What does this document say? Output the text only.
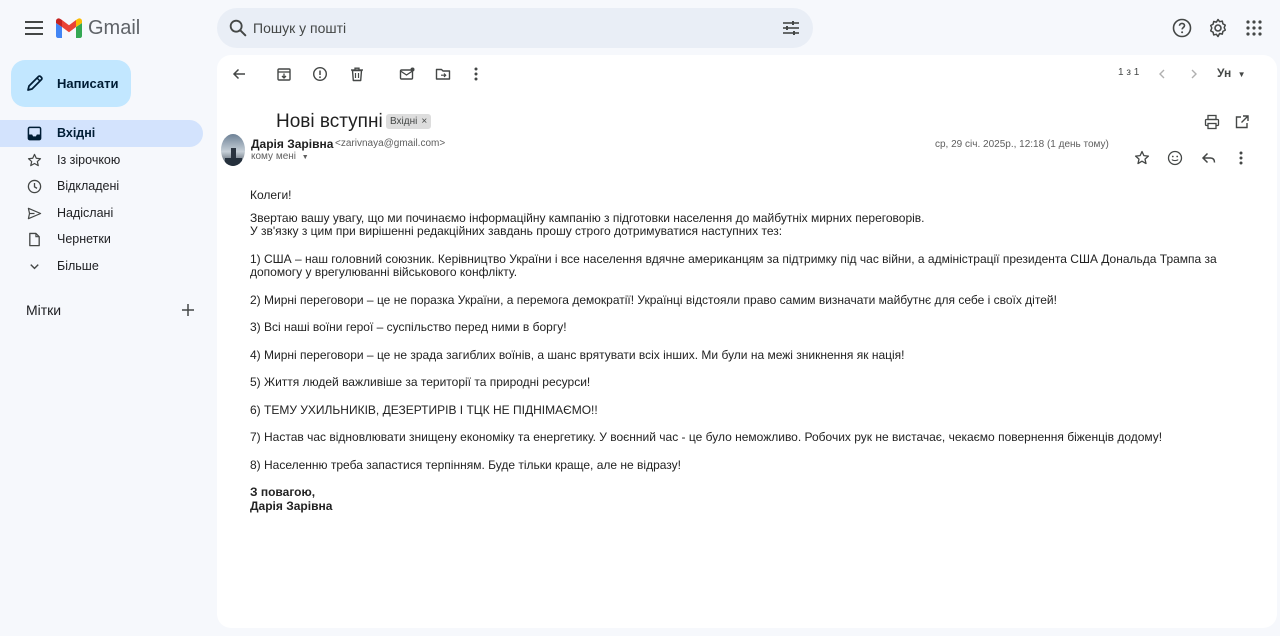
Gmail
Пошук у пошті
Написати
Вхідні
Із зірочкою
Відкладені
Надіслані
Чернетки
Більше
Мітки
1 з 1	Ун ▼
Нові вступні Вхідні ×
Дарія Зарівна <zarivnaya@gmail.com>
кому мені ▼
ср, 29 січ. 2025р., 12:18 (1 день тому)

Колеги!

Звертаю вашу увагу, що ми починаємо інформаційну кампанію з підготовки населення до майбутніх мирних переговорів.

У зв'язку з цим при вирішенні редакційних завдань прошу строго дотримуватися наступних тез:

1) США – наш головний союзник. Керівництво України і все населення вдячне американцям за підтримку під час війни, а адміністрації президента США Дональда Трампа за

допомогу у врегулюванні військового конфлікту.

2) Мирні переговори – це не поразка України, а перемога демократії! Українці відстояли право самим визначати майбутнє для себе і своїх дітей!

3) Всі наші воїни герої – суспільство перед ними в боргу!

4) Мирні переговори – це не зрада загиблих воїнів, а шанс врятувати всіх інших. Ми були на межі зникнення як нація!

5) Життя людей важливіше за території та природні ресурси!

6) ТЕМУ УХИЛЬНИКІВ, ДЕЗЕРТИРІВ І ТЦК НЕ ПІДНІМАЄМО!!

7) Настав час відновлювати знищену економіку та енергетику. У воєнний час - це було неможливо. Робочих рук не вистачає, чекаємо повернення біженців додому!

8) Населенню треба запастися терпінням. Буде тільки краще, але не відразу!

З повагою,

Дарія Зарівна
